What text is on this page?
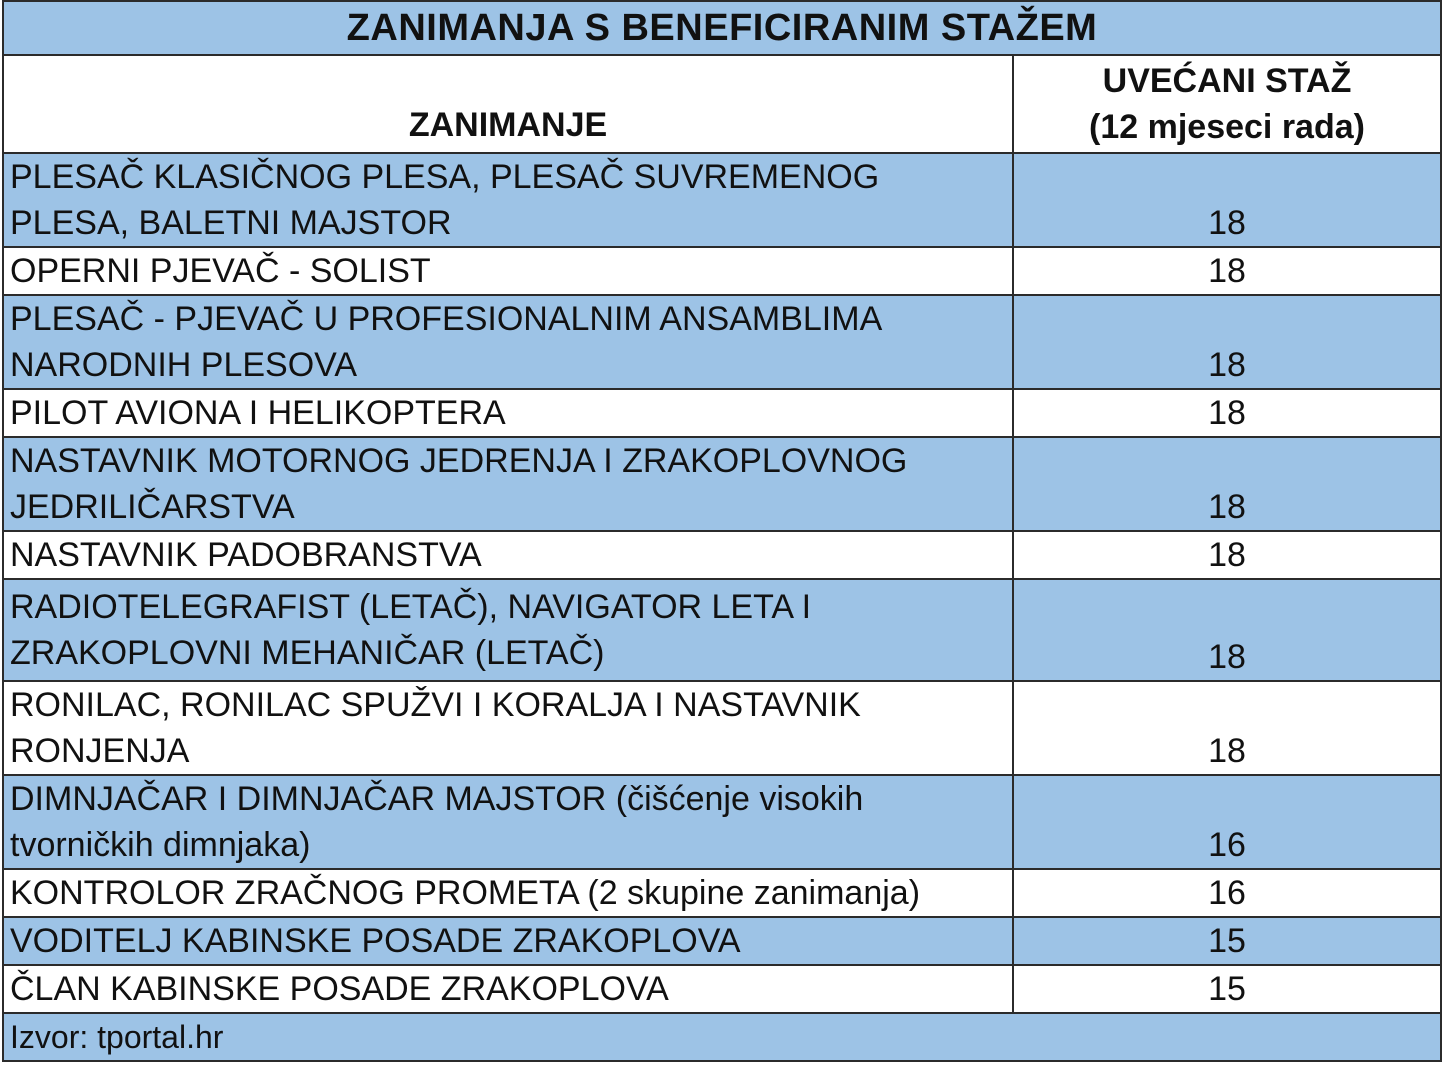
ZANIMANJA S BENEFICIRANIM STAŽEM	
ZANIMANJE	UVEĆANI STAŽ
(12 mjeseci rada)

PLESAČ KLASIČNOG PLESA, PLESAČ SUVREMENOG PLESA, BALETNI MAJSTOR	18
OPERNI PJEVAČ - SOLIST	18
PLESAČ - PJEVAČ U PROFESIONALNIM ANSAMBLIMA NARODNIH PLESOVA	18
PILOT AVIONA I HELIKOPTERA	18
NASTAVNIK MOTORNOG JEDRENJA I ZRAKOPLOVNOG JEDRILIČARSTVA	18
NASTAVNIK PADOBRANSTVA	18
RADIOTELEGRAFIST (LETAČ), NAVIGATOR LETA I ZRAKOPLOVNI MEHANIČAR (LETAČ)	18
RONILAC, RONILAC SPUŽVI I KORALJA I NASTAVNIK RONJENJA	18
DIMNJAČAR I DIMNJAČAR MAJSTOR (čišćenje visokih tvorničkih dimnjaka)	16
KONTROLOR ZRAČNOG PROMETA (2 skupine zanimanja)	16
VODITELJ KABINSKE POSADE ZRAKOPLOVA	15
ČLAN KABINSKE POSADE ZRAKOPLOVA	15
Izvor: tportal.hr	
